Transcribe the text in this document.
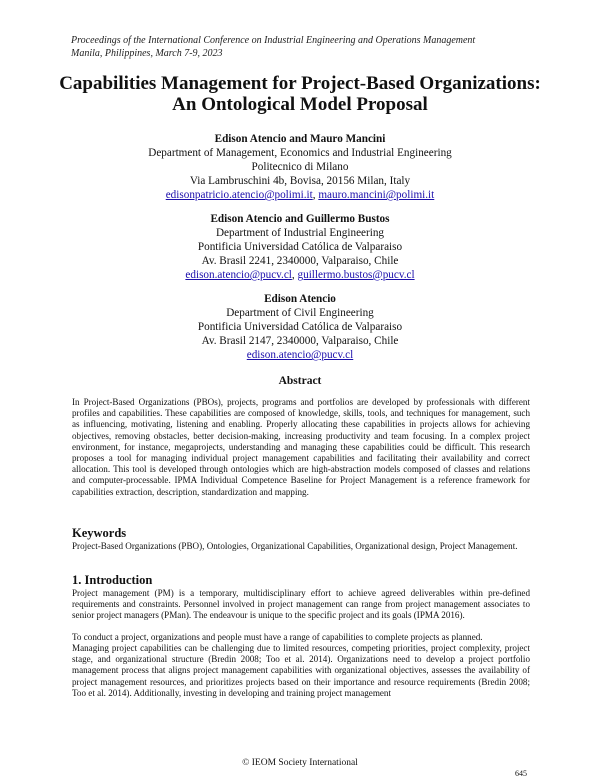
Proceedings of the International Conference on Industrial Engineering and Operations Management
Manila, Philippines, March 7-9, 2023
Capabilities Management for Project-Based Organizations:
An Ontological Model Proposal
Edison Atencio and Mauro Mancini
Department of Management, Economics and Industrial Engineering
Politecnico di Milano
Via Lambruschini 4b, Bovisa, 20156 Milan, Italy
edisonpatricio.atencio@polimi.it, mauro.mancini@polimi.it
Edison Atencio and Guillermo Bustos
Department of Industrial Engineering
Pontificia Universidad Católica de Valparaiso
Av. Brasil 2241, 2340000, Valparaiso, Chile
edison.atencio@pucv.cl, guillermo.bustos@pucv.cl
Edison Atencio
Department of Civil Engineering
Pontificia Universidad Católica de Valparaiso
Av. Brasil 2147, 2340000, Valparaiso, Chile
edison.atencio@pucv.cl
Abstract
In Project-Based Organizations (PBOs), projects, programs and portfolios are developed by professionals with different profiles and capabilities. These capabilities are composed of knowledge, skills, tools, and techniques for management, such as influencing, motivating, listening and enabling. Properly allocating these capabilities in projects allows for achieving objectives, removing obstacles, better decision-making, increasing productivity and team focusing. In a complex project environment, for instance, megaprojects, understanding and managing these capabilities could be difficult. This research proposes a tool for managing individual project management capabilities and facilitating their availability and correct allocation. This tool is developed through ontologies which are high-abstraction models composed of classes and relations and computer-processable. IPMA Individual Competence Baseline for Project Management is a reference framework for capabilities extraction, description, standardization and mapping.
Keywords
Project-Based Organizations (PBO), Ontologies, Organizational Capabilities, Organizational design, Project Management.
1. Introduction
Project management (PM) is a temporary, multidisciplinary effort to achieve agreed deliverables within pre-defined requirements and constraints. Personnel involved in project management can range from project management associates to senior project managers (PMan). The endeavour is unique to the specific project and its goals (IPMA 2016).
To conduct a project, organizations and people must have a range of capabilities to complete projects as planned.
Managing project capabilities can be challenging due to limited resources, competing priorities, project complexity, project stage, and organizational structure (Bredin 2008; Too et al. 2014). Organizations need to develop a project portfolio management process that aligns project management capabilities with organizational objectives, assesses the availability of project management resources, and prioritizes projects based on their importance and resource requirements (Bredin 2008; Too et al. 2014). Additionally, investing in developing and training project management
© IEOM Society International
645
